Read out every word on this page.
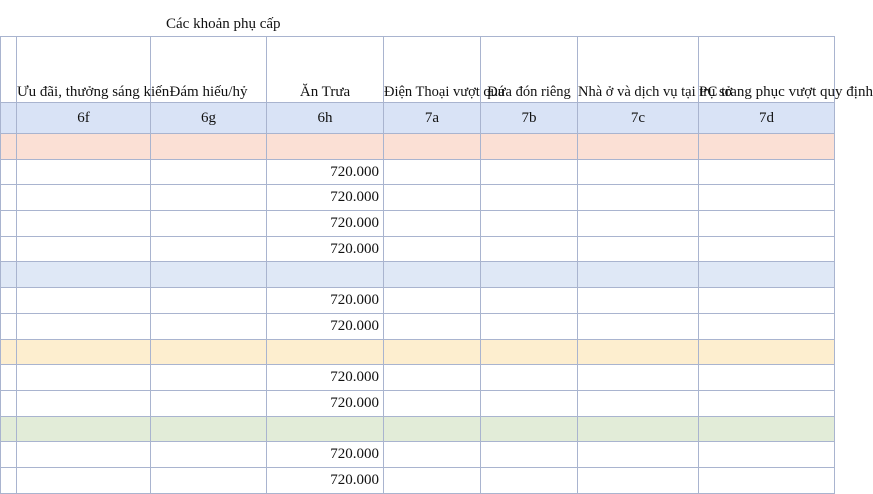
Các khoản phụ cấp
	Ưu đãi, thưởng sáng kiến	Đám hiếu/hỷ	Ăn Trưa	Điện Thoại vượt quá	Đưa đón riêng	Nhà ở và dịch vụ tại trụ sở	PC trang phục vượt quy định
	6f	6g	6h	7a	7b	7c	7d

			720.000				
			720.000				
			720.000				
			720.000				

			720.000				
			720.000				

			720.000				
			720.000				

			720.000				
			720.000				
